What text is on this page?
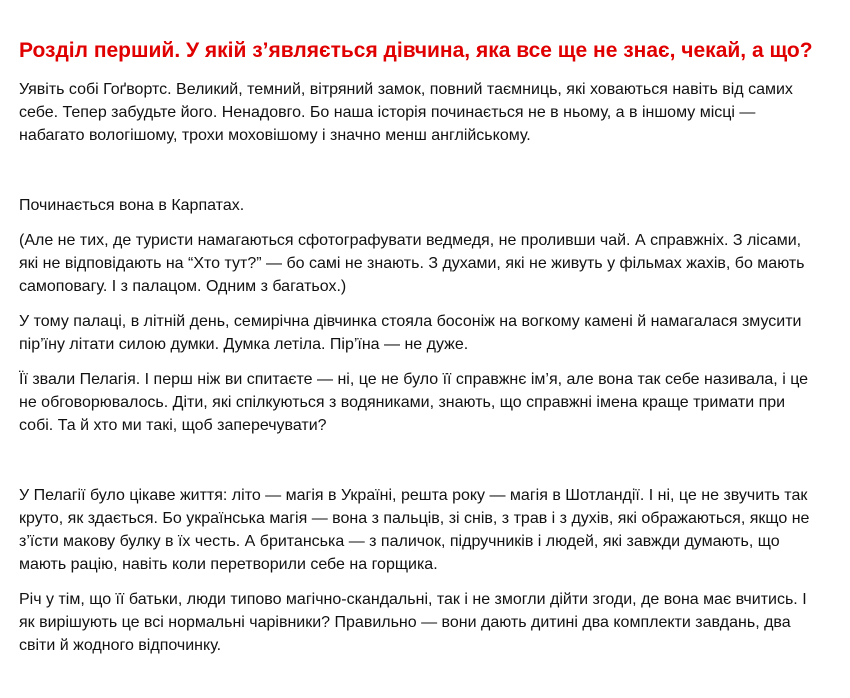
Розділ перший. У якій з’являється дівчина, яка все ще не знає, чекай, а що?

Уявіть собі Гоґвортс. Великий, темний, вітряний замок, повний таємниць, які ховаються навіть від самих себе. Тепер забудьте його. Ненадовго. Бо наша історія починається не в ньому, а в іншому місці — набагато вологішому, трохи моховішому і значно менш англійському.

Починається вона в Карпатах.

(Але не тих, де туристи намагаються сфотографувати ведмедя, не проливши чай. А справжніх. З лісами, які не відповідають на “Хто тут?” — бо самі не знають. З духами, які не живуть у фільмах жахів, бо мають самоповагу. І з палацом. Одним з багатьох.)

У тому палаці, в літній день, семирічна дівчинка стояла босоніж на вогкому камені й намагалася змусити пір’їну літати силою думки. Думка летіла. Пір’їна — не дуже.

Її звали Пелагія. І перш ніж ви спитаєте — ні, це не було її справжнє ім’я, але вона так себе називала, і це не обговорювалось. Діти, які спілкуються з водяниками, знають, що справжні імена краще тримати при собі. Та й хто ми такі, щоб заперечувати?

У Пелагії було цікаве життя: літо — магія в Україні, решта року — магія в Шотландії. І ні, це не звучить так круто, як здається. Бо українська магія — вона з пальців, зі снів, з трав і з духів, які ображаються, якщо не з’їсти макову булку в їх честь. А британська — з паличок, підручників і людей, які завжди думають, що мають рацію, навіть коли перетворили себе на горщика.

Річ у тім, що її батьки, люди типово магічно-скандальні, так і не змогли дійти згоди, де вона має вчитись. І як вирішують це всі нормальні чарівники? Правильно — вони дають дитині два комплекти завдань, два світи й жодного відпочинку.
